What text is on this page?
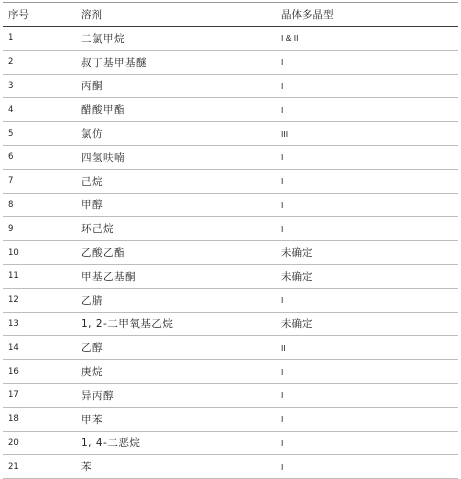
序号	溶剂	晶体多晶型
1	二氯甲烷	I & II
2	叔丁基甲基醚	I
3	丙酮	I
4	醋酸甲酯	I
5	氯仿	III
6	四氢呋喃	I
7	己烷	I
8	甲醇	I
9	环己烷	I
10	乙酸乙酯	未确定
11	甲基乙基酮	未确定
12	乙腈	I
13	1, 2-二甲氧基乙烷	未确定
14	乙醇	II
16	庚烷	I
17	异丙醇	I
18	甲苯	I
20	1, 4-二恶烷	I
21	苯	I
